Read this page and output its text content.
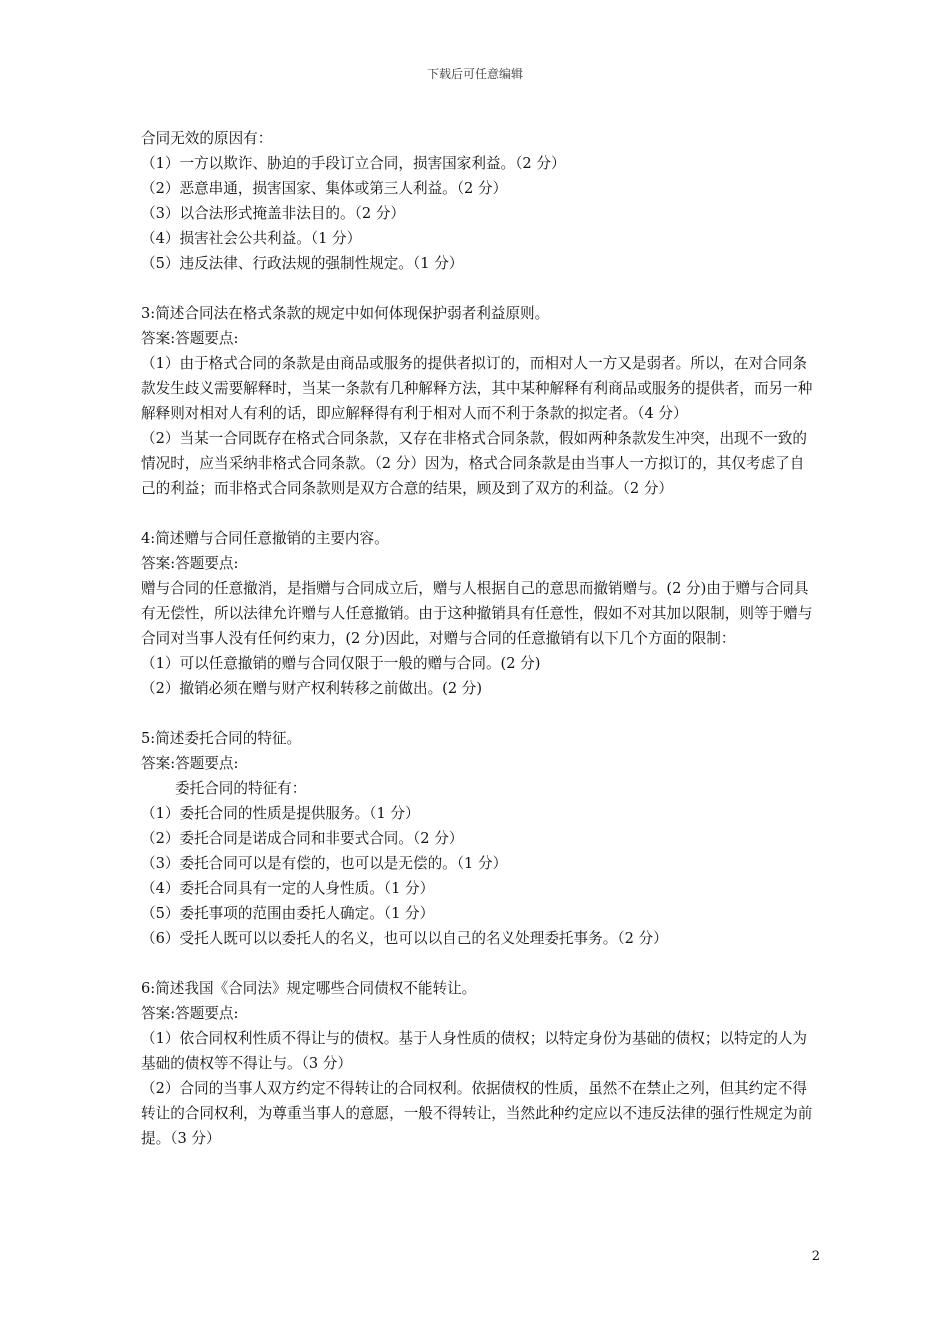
下载后可任意编辑

合同无效的原因有：

（1）一方以欺诈、胁迫的手段订立合同，损害国家利益。（2 分）

（2）恶意串通，损害国家、集体或第三人利益。（2 分）

（3）以合法形式掩盖非法目的。（2 分）

（4）损害社会公共利益。（1 分）

（5）违反法律、行政法规的强制性规定。（1 分）

3:简述合同法在格式条款的规定中如何体现保护弱者利益原则。

答案:答题要点:

（1）由于格式合同的条款是由商品或服务的提供者拟订的，而相对人一方又是弱者。所以，在对合同条款发生歧义需要解释时，当某一条款有几种解释方法，其中某种解释有利商品或服务的提供者，而另一种解释则对相对人有利的话，即应解释得有利于相对人而不利于条款的拟定者。（4 分）

（2）当某一合同既存在格式合同条款，又存在非格式合同条款，假如两种条款发生冲突，出现不一致的情况时，应当采纳非格式合同条款。（2 分）因为，格式合同条款是由当事人一方拟订的，其仅考虑了自己的利益；而非格式合同条款则是双方合意的结果，顾及到了双方的利益。（2 分）

4:简述赠与合同任意撤销的主要内容。

答案:答题要点:

赠与合同的任意撤消，是指赠与合同成立后，赠与人根据自己的意思而撤销赠与。(2 分)由于赠与合同具有无偿性，所以法律允许赠与人任意撤销。由于这种撤销具有任意性，假如不对其加以限制，则等于赠与合同对当事人没有任何约束力，(2 分)因此，对赠与合同的任意撤销有以下几个方面的限制：

（1）可以任意撤销的赠与合同仅限于一般的赠与合同。(2 分)

（2）撤销必须在赠与财产权利转移之前做出。(2 分)

5:简述委托合同的特征。

答案:答题要点:

委托合同的特征有：

（1）委托合同的性质是提供服务。（1 分）

（2）委托合同是诺成合同和非要式合同。（2 分）

（3）委托合同可以是有偿的，也可以是无偿的。（1 分）

（4）委托合同具有一定的人身性质。（1 分）

（5）委托事项的范围由委托人确定。（1 分）

（6）受托人既可以以委托人的名义，也可以以自己的名义处理委托事务。（2 分）

6:简述我国《合同法》规定哪些合同债权不能转让。

答案:答题要点:

（1）依合同权利性质不得让与的债权。基于人身性质的债权；以特定身份为基础的债权；以特定的人为基础的债权等不得让与。（3 分）

（2）合同的当事人双方约定不得转让的合同权利。依据债权的性质，虽然不在禁止之列，但其约定不得转让的合同权利，为尊重当事人的意愿，一般不得转让，当然此种约定应以不违反法律的强行性规定为前提。（3 分）

2
